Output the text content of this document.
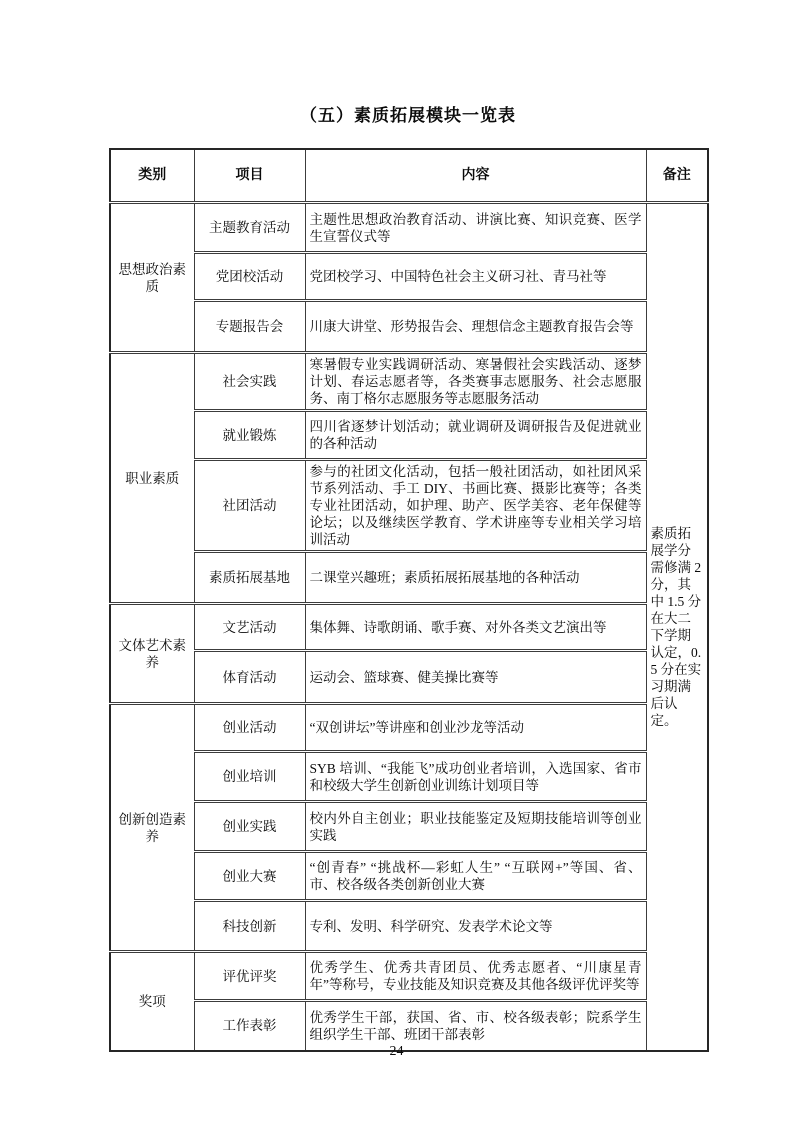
（五）素质拓展模块一览表
类别	项目	内容	备注
思想政治素质	主题教育活动	主题性思想政治教育活动、讲演比赛、知识竞赛、医学生宣誓仪式等	素质拓展学分需修满 2 分，其中 1.5 分在大二下学期认定，0.5 分在实习期满后认定。
	党团校活动	党团校学习、中国特色社会主义研习社、青马社等	
	专题报告会	川康大讲堂、形势报告会、理想信念主题教育报告会等	
职业素质	社会实践	寒暑假专业实践调研活动、寒暑假社会实践活动、逐梦计划、春运志愿者等，各类赛事志愿服务、社会志愿服务、南丁格尔志愿服务等志愿服务活动	
	就业锻炼	四川省逐梦计划活动；就业调研及调研报告及促进就业的各种活动	
	社团活动	参与的社团文化活动，包括一般社团活动，如社团风采节系列活动、手工 DIY、书画比赛、摄影比赛等；各类专业社团活动，如护理、助产、医学美容、老年保健等论坛；以及继续医学教育、学术讲座等专业相关学习培训活动	
	素质拓展基地	二课堂兴趣班；素质拓展拓展基地的各种活动	
文体艺术素养	文艺活动	集体舞、诗歌朗诵、歌手赛、对外各类文艺演出等	
	体育活动	运动会、篮球赛、健美操比赛等	
创新创造素养	创业活动	“双创讲坛”等讲座和创业沙龙等活动	
	创业培训	SYB 培训、“我能飞”成功创业者培训，入选国家、省市和校级大学生创新创业训练计划项目等	
	创业实践	校内外自主创业；职业技能鉴定及短期技能培训等创业实践	
	创业大赛	“创青春” “挑战杯—彩虹人生” “互联网+”等国、省、市、校各级各类创新创业大赛	
	科技创新	专利、发明、科学研究、发表学术论文等	
奖项	评优评奖	优秀学生、优秀共青团员、优秀志愿者、“川康星青年”等称号，专业技能及知识竞赛及其他各级评优评奖等	
	工作表彰	优秀学生干部，获国、省、市、校各级表彰；院系学生组织学生干部、班团干部表彰	
24
